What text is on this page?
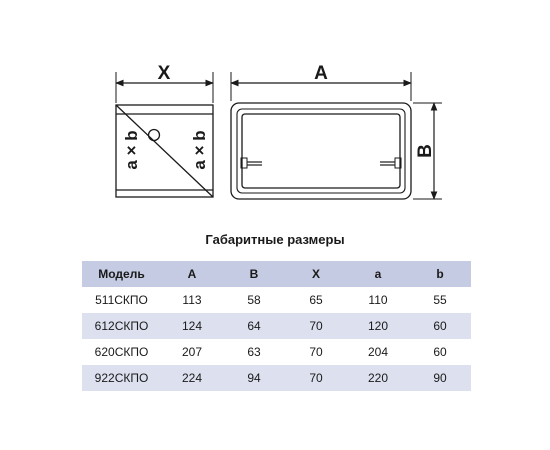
X
a × b	a × b
A
B
Габаритные размеры
Модель	A	B	X	a	b
511СКПО	113	58	65	110	55
612СКПО	124	64	70	120	60
620СКПО	207	63	70	204	60
922СКПО	224	94	70	220	90
